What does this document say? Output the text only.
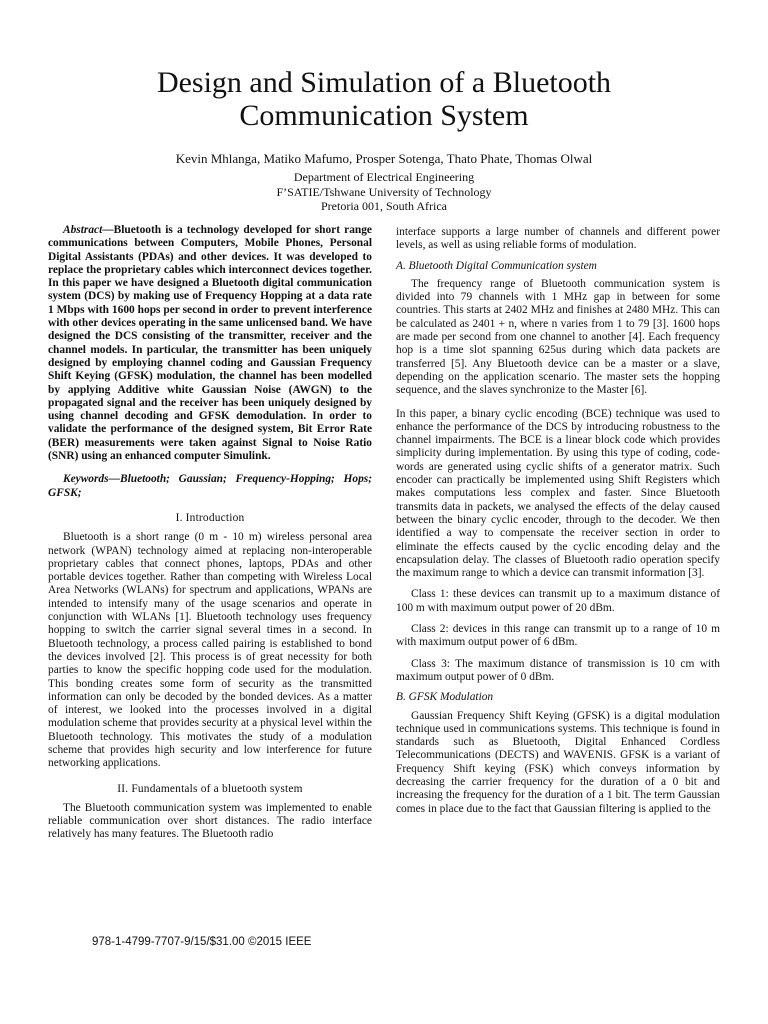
Design and Simulation of a Bluetooth
Communication System
Kevin Mhlanga, Matiko Mafumo, Prosper Sotenga, Thato Phate, Thomas Olwal
Department of Electrical Engineering
F’SATIE/Tshwane University of Technology
Pretoria 001, South Africa

Abstract—Bluetooth is a technology developed for short range communications between Computers, Mobile Phones, Personal Digital Assistants (PDAs) and other devices. It was developed to replace the proprietary cables which interconnect devices together. In this paper we have designed a Bluetooth digital communication system (DCS) by making use of Frequency Hopping at a data rate 1 Mbps with 1600 hops per second in order to prevent interference with other devices operating in the same unlicensed band. We have designed the DCS consisting of the transmitter, receiver and the channel models. In particular, the transmitter has been uniquely designed by employing channel coding and Gaussian Frequency Shift Keying (GFSK) modulation, the channel has been modelled by applying Additive white Gaussian Noise (AWGN) to the propagated signal and the receiver has been uniquely designed by using channel decoding and GFSK demodulation. In order to validate the performance of the designed system, Bit Error Rate (BER) measurements were taken against Signal to Noise Ratio (SNR) using an enhanced computer Simulink.

Keywords—Bluetooth; Gaussian; Frequency-Hopping; Hops; GFSK;

I. Introduction

Bluetooth is a short range (0 m - 10 m) wireless personal area network (WPAN) technology aimed at replacing non-interoperable proprietary cables that connect phones, laptops, PDAs and other portable devices together. Rather than competing with Wireless Local Area Networks (WLANs) for spectrum and applications, WPANs are intended to intensify many of the usage scenarios and operate in conjunction with WLANs [1]. Bluetooth technology uses frequency hopping to switch the carrier signal several times in a second. In Bluetooth technology, a process called pairing is established to bond the devices involved [2]. This process is of great necessity for both parties to know the specific hopping code used for the modulation. This bonding creates some form of security as the transmitted information can only be decoded by the bonded devices. As a matter of interest, we looked into the processes involved in a digital modulation scheme that provides security at a physical level within the Bluetooth technology. This motivates the study of a modulation scheme that provides high security and low interference for future networking applications.

II. Fundamentals of a bluetooth system

The Bluetooth communication system was implemented to enable reliable communication over short distances. The radio interface relatively has many features. The Bluetooth radio

interface supports a large number of channels and different power levels, as well as using reliable forms of modulation.

A. Bluetooth Digital Communication system

The frequency range of Bluetooth communication system is divided into 79 channels with 1 MHz gap in between for some countries. This starts at 2402 MHz and finishes at 2480 MHz. This can be calculated as 2401 + n, where n varies from 1 to 79 [3]. 1600 hops are made per second from one channel to another [4]. Each frequency hop is a time slot spanning 625us during which data packets are transferred [5]. Any Bluetooth device can be a master or a slave, depending on the application scenario. The master sets the hopping sequence, and the slaves synchronize to the Master [6].

In this paper, a binary cyclic encoding (BCE) technique was used to enhance the performance of the DCS by introducing robustness to the channel impairments. The BCE is a linear block code which provides simplicity during implementation. By using this type of coding, code-words are generated using cyclic shifts of a generator matrix. Such encoder can practically be implemented using Shift Registers which makes computations less complex and faster. Since Bluetooth transmits data in packets, we analysed the effects of the delay caused between the binary cyclic encoder, through to the decoder. We then identified a way to compensate the receiver section in order to eliminate the effects caused by the cyclic encoding delay and the encapsulation delay. The classes of Bluetooth radio operation specify the maximum range to which a device can transmit information [3].

Class 1: these devices can transmit up to a maximum distance of 100 m with maximum output power of 20 dBm.

Class 2: devices in this range can transmit up to a range of 10 m with maximum output power of 6 dBm.

Class 3: The maximum distance of transmission is 10 cm with maximum output power of 0 dBm.

B. GFSK Modulation

Gaussian Frequency Shift Keying (GFSK) is a digital modulation technique used in communications systems. This technique is found in standards such as Bluetooth, Digital Enhanced Cordless Telecommunications (DECTS) and WAVENIS. GFSK is a variant of Frequency Shift keying (FSK) which conveys information by decreasing the carrier frequency for the duration of a 0 bit and increasing the frequency for the duration of a 1 bit. The term Gaussian comes in place due to the fact that Gaussian filtering is applied to the

978-1-4799-7707-9/15/$31.00 ©2015 IEEE
